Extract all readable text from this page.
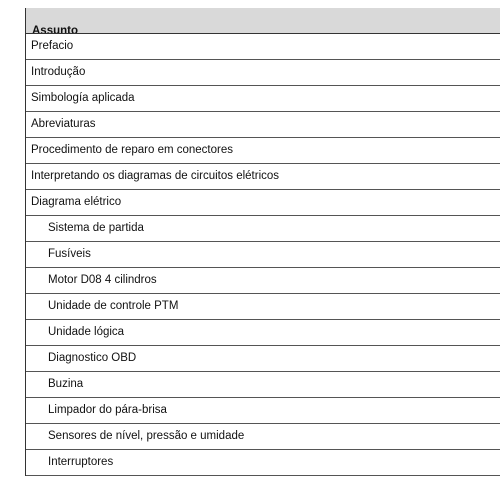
Assunto
Prefacio
Introdução
Simbología aplicada
Abreviaturas
Procedimento de reparo em conectores
Interpretando os diagramas de circuitos elétricos
Diagrama elétrico
Sistema de partida
Fusíveis
Motor D08 4 cilindros
Unidade de controle PTM
Unidade lógica
Diagnostico OBD
Buzina
Limpador do pára-brisa
Sensores de nível, pressão e umidade
Interruptores
